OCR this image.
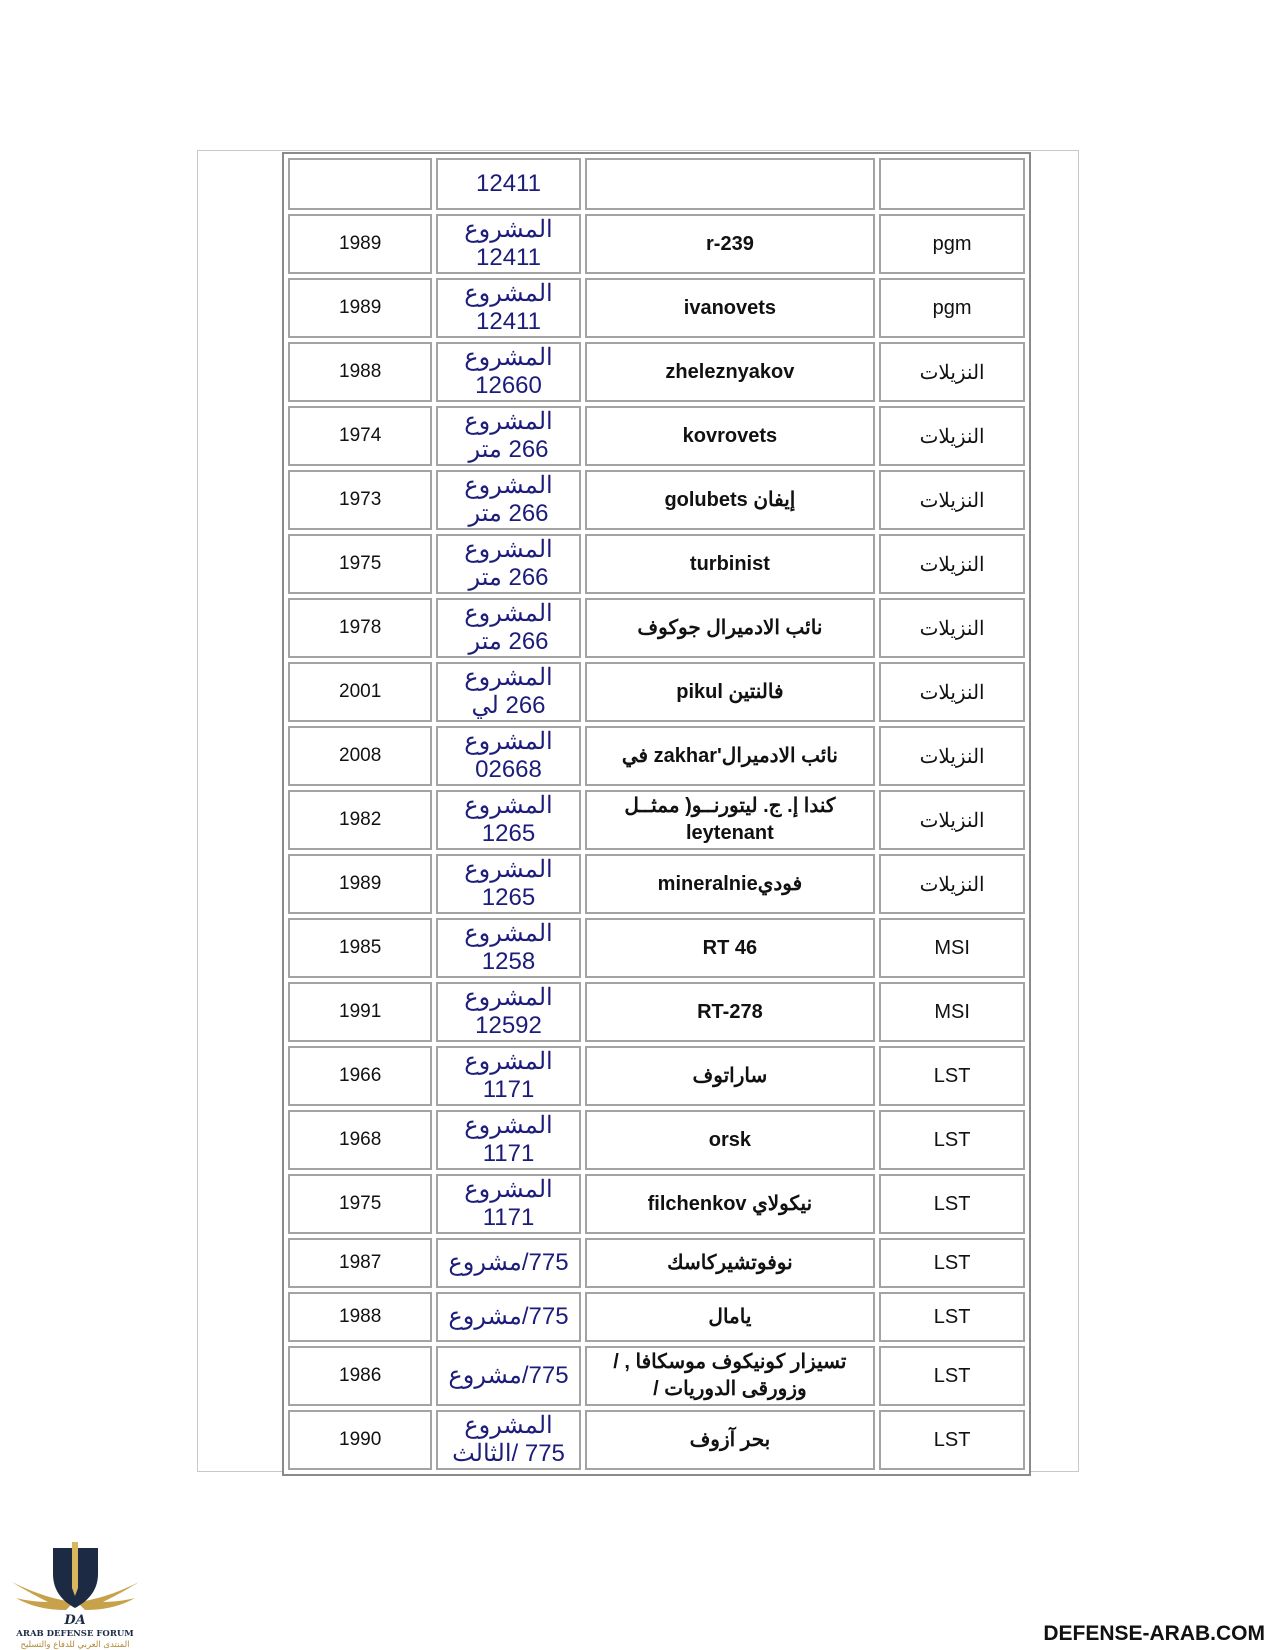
	12411		
1989	المشروع 12411	r-239	pgm
1989	المشروع 12411	ivanovets	pgm
1988	المشروع 12660	zheleznyakov	النزيلات
1974	المشروع 266 متر	kovrovets	النزيلات
1973	المشروع 266 متر	إيفان golubets	النزيلات
1975	المشروع 266 متر	turbinist	النزيلات
1978	المشروع 266 متر	نائب الادميرال جوكوف	النزيلات
2001	المشروع 266 لي	فالنتين pikul	النزيلات
2008	المشروع 02668	نائب الادميرال'zakhar في	النزيلات
1982	المشروع 1265	كندا إ. ج. ليتورنــو( ممثــل leytenant	النزيلات
1989	المشروع 1265	فوديmineralnie	النزيلات
1985	المشروع 1258	RT 46	MSI
1991	المشروع 12592	RT-278	MSI
1966	المشروع 1171	ساراتوف	LST
1968	المشروع 1171	orsk	LST
1975	المشروع 1171	نيكولاي filchenkov	LST
1987	775/مشروع	نوفوتشيركاسك	LST
1988	775/مشروع	يامال	LST
1986	775/مشروع	تسيزار كونيكوف موسكافا , / وزورقى الدوريات /	LST
1990	المشروع 775 /الثالث	بحر آزوف	LST
DA
ARAB DEFENSE FORUM
المنتدى العربي للدفاع والتسليح	DEFENSE-ARAB.COM
